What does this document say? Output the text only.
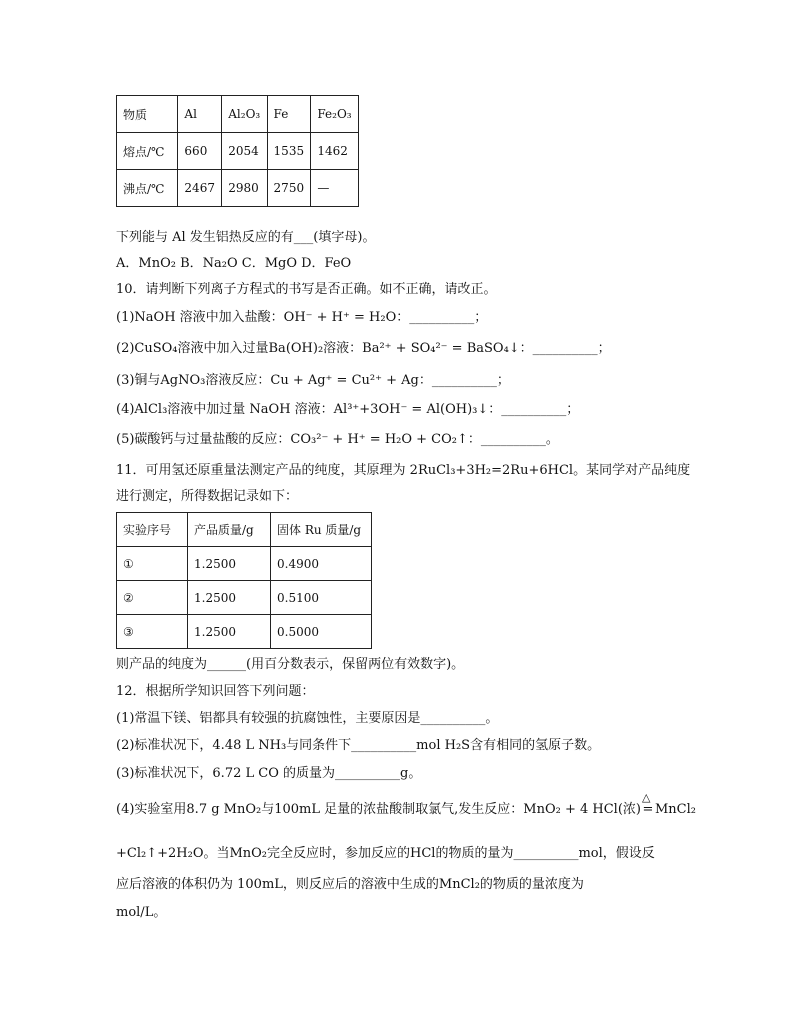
物质	Al	Al₂O₃	Fe	Fe₂O₃
熔点/℃	660	2054	1535	1462
沸点/℃	2467	2980	2750	—
下列能与 Al 发生铝热反应的有___(填字母)。
A．MnO₂ B．Na₂O C．MgO D．FeO
10．请判断下列离子方程式的书写是否正确。如不正确，请改正。
(1)NaOH 溶液中加入盐酸：OH⁻ + H⁺ = H₂O：__________；
(2)CuSO₄溶液中加入过量Ba(OH)₂溶液：Ba²⁺ + SO₄²⁻ = BaSO₄↓：__________；
(3)铜与AgNO₃溶液反应：Cu + Ag⁺ = Cu²⁺ + Ag：__________；
(4)AlCl₃溶液中加过量 NaOH 溶液：Al³⁺+3OH⁻ = Al(OH)₃↓：__________；
(5)碳酸钙与过量盐酸的反应：CO₃²⁻ + H⁺ = H₂O + CO₂↑：__________。
11．可用氢还原重量法测定产品的纯度，其原理为 2RuCl₃+3H₂=2Ru+6HCl。某同学对产品纯度
进行测定，所得数据记录如下：
实验序号	产品质量/g	固体 Ru 质量/g
①	1.2500	0.4900
②	1.2500	0.5100
③	1.2500	0.5000
则产品的纯度为______(用百分数表示，保留两位有效数字)。
12．根据所学知识回答下列问题：
(1)常温下镁、铝都具有较强的抗腐蚀性，主要原因是__________。
(2)标准状况下，4.48 L NH₃与同条件下__________mol H₂S含有相同的氢原子数。
(3)标准状况下，6.72 L CO 的质量为__________g。
(4)实验室用8.7 g MnO₂与100mL 足量的浓盐酸制取氯气,发生反应：MnO₂ + 4 HCl(浓)
△
= MnCl₂
+Cl₂↑+2H₂O。当MnO₂完全反应时，参加反应的HCl的物质的量为__________mol，假设反
应后溶液的体积仍为 100mL，则反应后的溶液中生成的MnCl₂的物质的量浓度为
mol/L。
